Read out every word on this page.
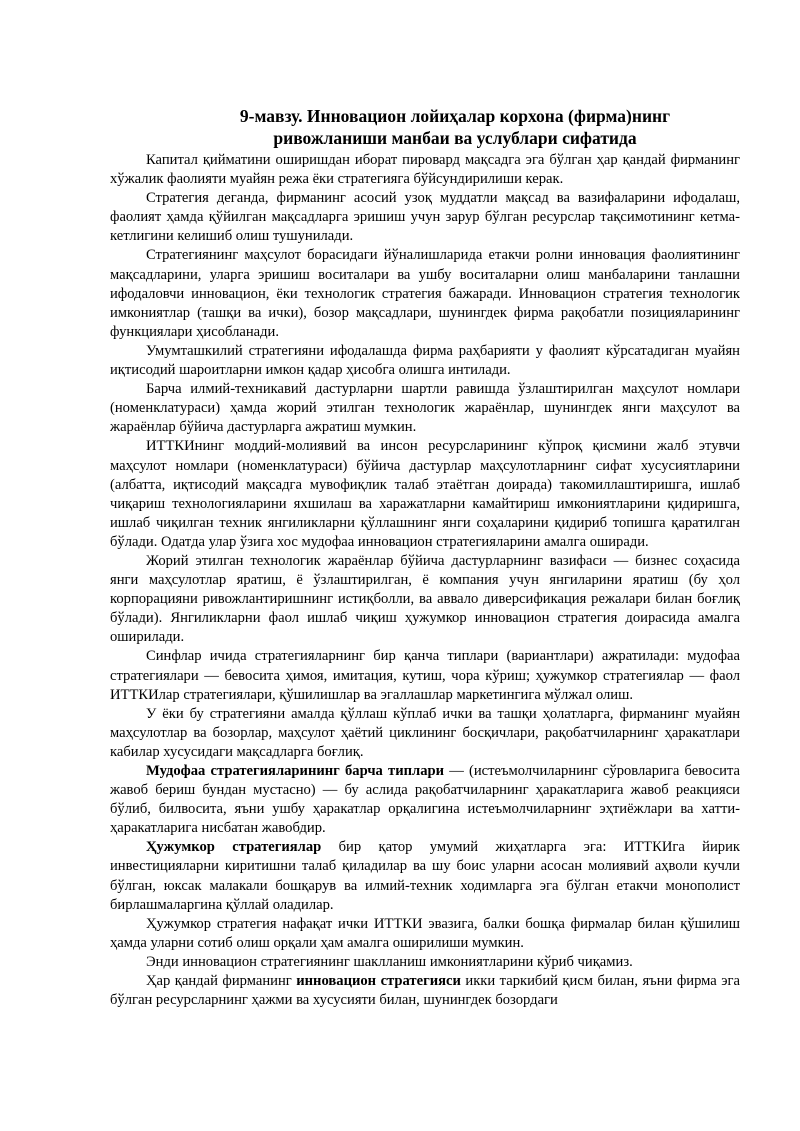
9-мавзу. Инновацион лойиҳалар корхона (фирма)нинг
ривожланиши манбаи ва услублари сифатида

Капитал қийматини оширишдан иборат пировард мақсадга эга бўлган ҳар қандай фирманинг хўжалик фаолияти муайян режа ёки стратегияга бўйсундирилиши керак.

Стратегия деганда, фирманинг асосий узоқ муддатли мақсад ва вазифаларини ифодалаш, фаолият ҳамда қўйилган мақсадларга эришиш учун зарур бўлган ресурслар тақсимотининг кетма-кетлигини келишиб олиш тушунилади.

Стратегиянинг маҳсулот борасидаги йўналишларида етакчи ролни инновация фаолиятининг мақсадларини, уларга эришиш воситалари ва ушбу воситаларни олиш манбаларини танлашни ифодаловчи инновацион, ёки технологик стратегия бажаради. Инновацион стратегия технологик имкониятлар (ташқи ва ички), бозор мақсадлари, шунингдек фирма рақобатли позицияларининг функциялари ҳисобланади.

Умумташкилий стратегияни ифодалашда фирма раҳбарияти у фаолият кўрсатадиган муайян иқтисодий шароитларни имкон қадар ҳисобга олишга интилади.

Барча илмий-техникавий дастурларни шартли равишда ўзлаштирилган маҳсулот номлари (номенклатураси) ҳамда жорий этилган технологик жараёнлар, шунингдек янги маҳсулот ва жараёнлар бўйича дастурларга ажратиш мумкин.

ИТТКИнинг моддий-молиявий ва инсон ресурсларининг кўпроқ қисмини жалб этувчи маҳсулот номлари (номенклатураси) бўйича дастурлар маҳсулотларнинг сифат хусусиятларини (албатта, иқтисодий мақсадга мувофиқлик талаб этаётган доирада) такомиллаштиришга, ишлаб чиқариш технологияларини яхшилаш ва харажатларни камайтириш имкониятларини қидиришга, ишлаб чиқилган техник янгиликларни қўллашнинг янги соҳаларини қидириб топишга қаратилган бўлади. Одатда улар ўзига хос мудофаа инновацион стратегияларини амалга оширади.

Жорий этилган технологик жараёнлар бўйича дастурларнинг вазифаси — бизнес соҳасида янги маҳсулотлар яратиш, ё ўзлаштирилган, ё компания учун янгиларини яратиш (бу ҳол корпорацияни ривожлантиришнинг истиқболли, ва аввало диверсификация режалари билан боғлиқ бўлади). Янгиликларни фаол ишлаб чиқиш ҳужумкор инновацион стратегия доирасида амалга оширилади.

Синфлар ичида стратегияларнинг бир қанча типлари (вариантлари) ажратилади: мудофаа стратегиялари — бевосита ҳимоя, имитация, кутиш, чора кўриш; ҳужумкор стратегиялар — фаол ИТТКИлар стратегиялари, қўшилишлар ва эгаллашлар маркетингига мўлжал олиш.

У ёки бу стратегияни амалда қўллаш кўплаб ички ва ташқи ҳолатларга, фирманинг муайян маҳсулотлар ва бозорлар, маҳсулот ҳаётий циклининг босқичлари, рақобатчиларнинг ҳаракатлари кабилар хусусидаги мақсадларга боғлиқ.

Мудофаа стратегияларининг барча типлари — (истеъмолчиларнинг сўровларига бевосита жавоб бериш бундан мустасно) — бу аслида рақобатчиларнинг ҳаракатларига жавоб реакцияси бўлиб, билвосита, яъни ушбу ҳаракатлар орқалигина истеъмолчиларнинг эҳтиёжлари ва хатти-ҳаракатларига нисбатан жавобдир.

Ҳужумкор стратегиялар бир қатор умумий жиҳатларга эга: ИТТКИга йирик инвестицияларни киритишни талаб қиладилар ва шу боис уларни асосан молиявий аҳволи кучли бўлган, юксак малакали бошқарув ва илмий-техник ходимларга эга бўлган етакчи монополист бирлашмаларгина қўллай оладилар.

Ҳужумкор стратегия нафақат ички ИТТКИ эвазига, балки бошқа фирмалар билан қўшилиш ҳамда уларни сотиб олиш орқали ҳам амалга оширилиши мумкин.

Энди инновацион стратегиянинг шаклланиш имкониятларини кўриб чиқамиз.

Ҳар қандай фирманинг инновацион стратегияси икки таркибий қисм билан, яъни фирма эга бўлган ресурсларнинг ҳажми ва хусусияти билан, шунингдек бозордаги
